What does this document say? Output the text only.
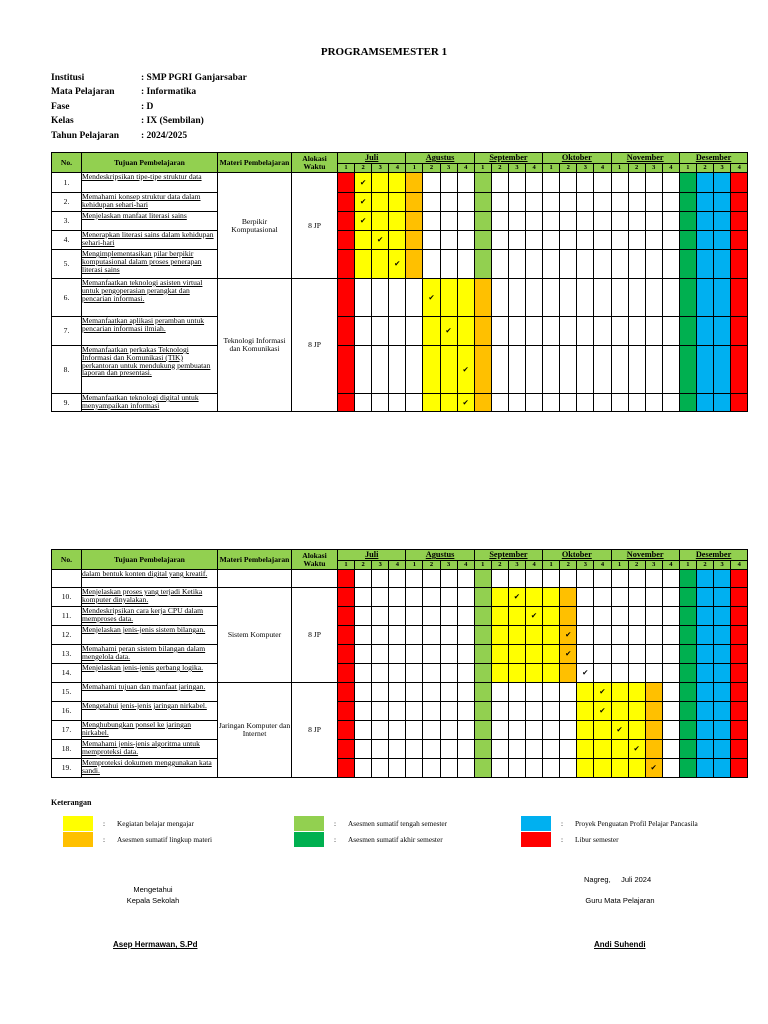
PROGRAMSEMESTER 1
Institusi	: SMP PGRI Ganjarsabar
Mata Pelajaran	: Informatika
Fase	: D
Kelas	: IX (Sembilan)
Tahun Pelajaran	: 2024/2025
No.	Tujuan Pembelajaran	Materi Pembelajaran	Alokasi Waktu	Juli				Agustus				September				Oktober				November				Desember			
				1	2	3	4	1	2	3	4	1	2	3	4	1	2	3	4	1	2	3	4	1	2	3	4
1.	Mendeskripsikan tipe-tipe struktur data	Berpikir Komputasional	8 JP		✔																						
2.	Memahami konsep struktur data dalam kehidupan sehari-hari				✔																						
3.	Menjelaskan manfaat literasi sains				✔																						
4.	Menerapkan literasi sains dalam kehidupan sehari-hari					✔																					
5.	Mengimplementasikan pilar berpikir komputasional dalam proses penerapan literasi sains						✔																				
6.	Memanfaatkan teknologi asisten virtual untuk pengoperasian perangkat dan pencarian informasi.	Teknologi Informasi dan Komunikasi	8 JP						✔																		
7.	Memanfaatkan aplikasi peramban untuk pencarian informasi ilmiah.									✔																	
8.	Memanfaatkan perkakas Teknologi Informasi dan Komunikasi (TIK) perkantoran untuk mendukung pembuatan laporan dan presentasi.										✔																
9.	Memanfaatkan teknologi digital untuk menyampaikan informasi										✔																
No.	Tujuan Pembelajaran	Materi Pembelajaran	Alokasi Waktu	Juli				Agustus				September				Oktober				November				Desember			
				1	2	3	4	1	2	3	4	1	2	3	4	1	2	3	4	1	2	3	4	1	2	3	4
	dalam bentuk konten digital yang kreatif.																										
10.	Menjelaskan proses yang terjadi Ketika komputer dinyalakan.	Sistem Komputer	8 JP											✔													
11.	Mendeskripsikan cara kerja CPU dalam memproses data.														✔												
12.	Menjelaskan jenis-jenis sistem bilangan.																✔										
13.	Memahami peran sistem bilangan dalam mengelola data.																✔										
14.	Menjelaskan jenis-jenis gerbang logika.																	✔									
15.	Memahami tujuan dan manfaat jaringan.	Jaringan Komputer dan Internet	8 JP																✔								
16.	Mengetahui jenis-jenis jaringan nirkabel.																		✔								
17.	Menghubungkan ponsel ke jaringan nirkabel.																			✔							
18.	Memahami jenis-jenis algoritma untuk memproteksi data.																				✔						
19.	Memproteksi dokumen menggunakan kata sandi.																					✔					
Keterangan
:	Kegiatan belajar mengajar
:	Asesmen sumatif lingkup materi
:	Asesmen sumatif tengah semester
:	Asesmen sumatif akhir semester
:	Proyek Penguatan Profil Pelajar Pancasila
:	Libur semester
Nagreg,     Juli 2024
Mengetahui
Kepala Sekolah	Guru Mata Pelajaran
Asep Hermawan, S.Pd	Andi Suhendi
